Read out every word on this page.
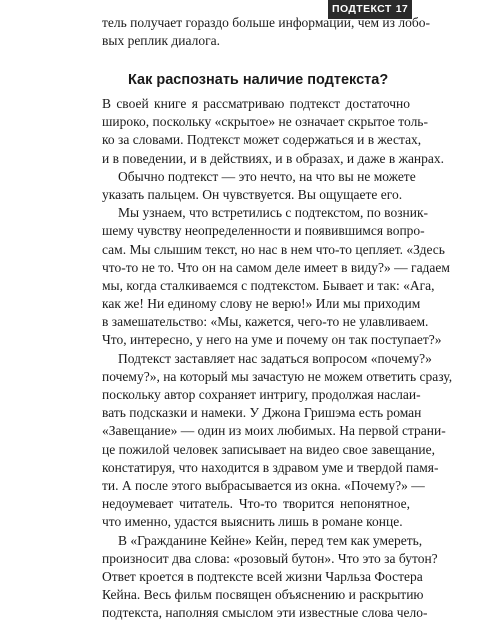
ПОДТЕКСТ 17
тель получает гораздо больше информации, чем из лобо-
вых реплик диалога.
Как распознать наличие подтекста?
В своей книге я рассматриваю подтекст достаточно
широко, поскольку «скрытое» не означает скрытое толь-
ко за словами. Подтекст может содержаться и в жестах,
и в поведении, и в действиях, и в образах, и даже в жанрах.
Обычно подтекст — это нечто, на что вы не можете
указать пальцем. Он чувствуется. Вы ощущаете его.
Мы узнаем, что встретились с подтекстом, по возник-
шему чувству неопределенности и появившимся вопро-
сам. Мы слышим текст, но нас в нем что-то цепляет. «Здесь
что-то не то. Что он на самом деле имеет в виду?» — гадаем
мы, когда сталкиваемся с подтекстом. Бывает и так: «Ага,
как же! Ни единому слову не верю!» Или мы приходим
в замешательство: «Мы, кажется, чего-то не улавливаем.
Что, интересно, у него на уме и почему он так поступает?»
Подтекст заставляет нас задаться вопросом «почему?»
почему?», на который мы зачастую не можем ответить сразу,
поскольку автор сохраняет интригу, продолжая наслаи-
вать подсказки и намеки. У Джона Гришэма есть роман
«Завещание» — один из моих любимых. На первой страни-
це пожилой человек записывает на видео свое завещание,
констатируя, что находится в здравом уме и твердой памя-
ти. А после этого выбрасывается из окна. «Почему?» —
недоумевает читатель. Что-то творится непонятное,
что именно, удастся выяснить лишь в романе конце.
В «Гражданине Кейне» Кейн, перед тем как умереть,
произносит два слова: «розовый бутон». Что это за бутон?
Ответ кроется в подтексте всей жизни Чарльза Фостера
Кейна. Весь фильм посвящен объяснению и раскрытию
подтекста, наполняя смыслом эти известные слова чело-
